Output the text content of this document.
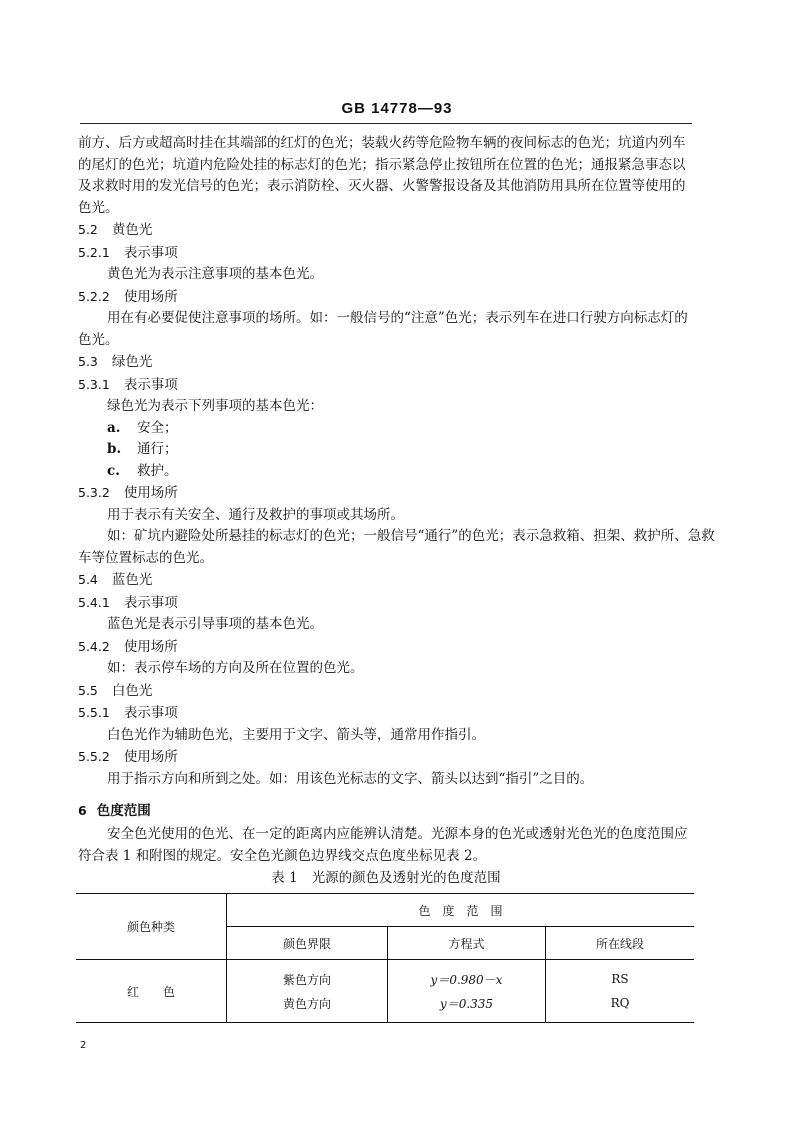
GB 14778—93
前方、后方或超高时挂在其端部的红灯的色光；装载火药等危险物车辆的夜间标志的色光；坑道内列车
的尾灯的色光；坑道内危险处挂的标志灯的色光；指示紧急停止按钮所在位置的色光；通报紧急事态以
及求救时用的发光信号的色光；表示消防栓、灭火器、火警警报设备及其他消防用具所在位置等使用的
色光。
5.2 黄色光
5.2.1 表示事项
黄色光为表示注意事项的基本色光。
5.2.2 使用场所
用在有必要促使注意事项的场所。如：一般信号的“注意”色光；表示列车在进口行驶方向标志灯的
色光。
5.3 绿色光
5.3.1 表示事项
绿色光为表示下列事项的基本色光：
a. 安全；
b. 通行；
c. 救护。
5.3.2 使用场所
用于表示有关安全、通行及救护的事项或其场所。
如：矿坑内避险处所悬挂的标志灯的色光；一般信号“通行”的色光；表示急救箱、担架、救护所、急救
车等位置标志的色光。
5.4 蓝色光
5.4.1 表示事项
蓝色光是表示引导事项的基本色光。
5.4.2 使用场所
如：表示停车场的方向及所在位置的色光。
5.5 白色光
5.5.1 表示事项
白色光作为辅助色光，主要用于文字、箭头等，通常用作指引。
5.5.2 使用场所
用于指示方向和所到之处。如：用该色光标志的文字、箭头以达到“指引”之目的。
6 色度范围
安全色光使用的色光、在一定的距离内应能辨认清楚。光源本身的色光或透射光色光的色度范围应
符合表 1 和附图的规定。安全色光颜色边界线交点色度坐标见表 2。
表 1 光源的颜色及透射光的色度范围
颜色种类	色　度　范　围		
	颜色界限	方程式	所在线段
红　　色	紫色方向	y＝0.980－x	RS
	黄色方向	y＝0.335	RQ
2
